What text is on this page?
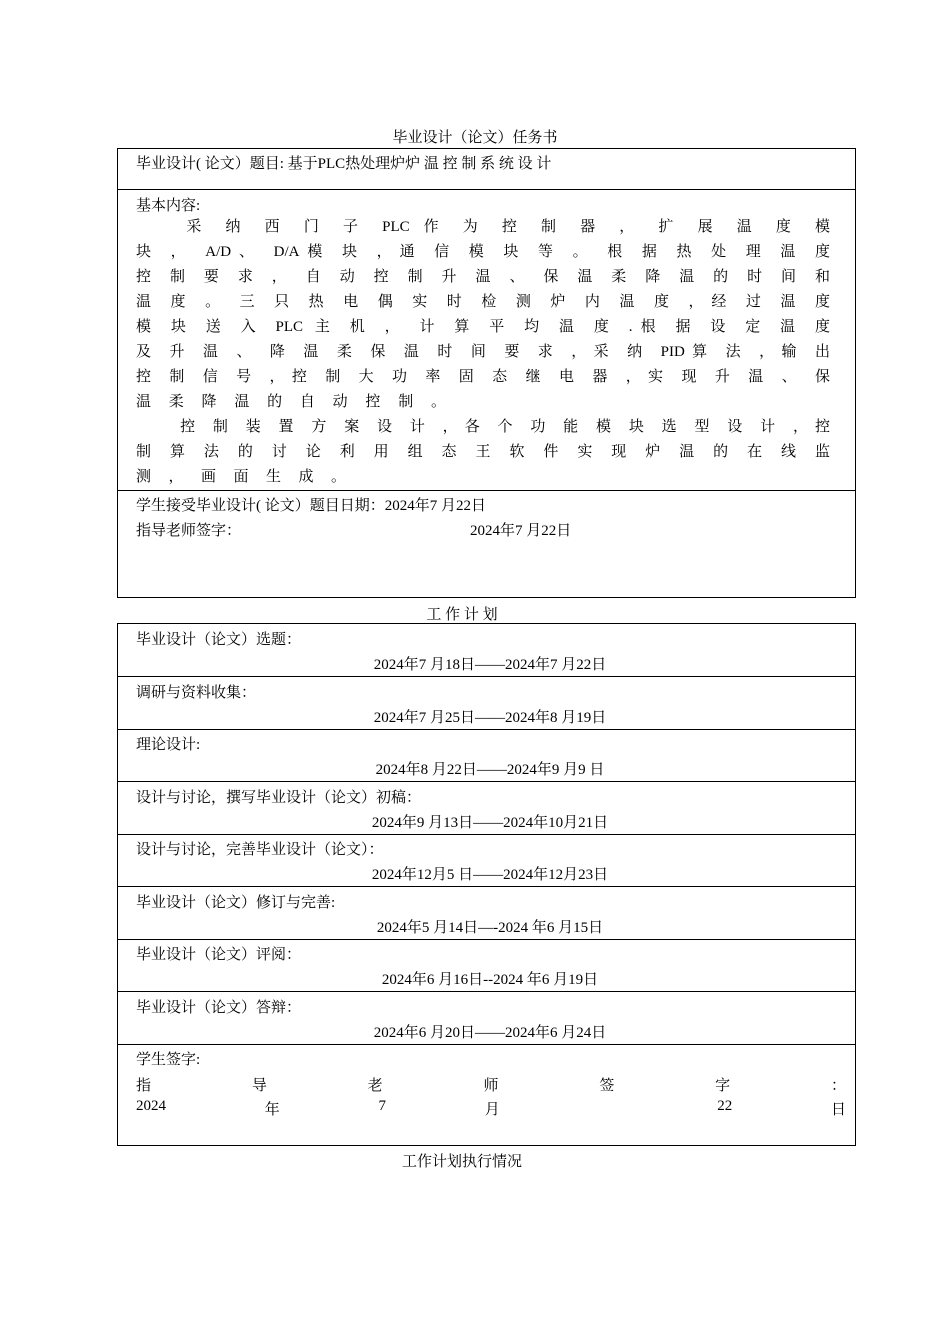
毕业设计（论文）任务书
毕业设计( 论文）题目: 基于PLC热处理炉炉 温 控 制 系 统 设 计
基本内容:
　　采 纳 西 门 子 PLC 作 为 控 制 器 ， 扩 展 温 度 模
块 ， A/D、 D/A模 块 ，通 信 模 块 等 。 根 据 热 处 理 温 度
控 制 要 求 ， 自 动 控 制 升 温 、 保 温 柔 降 温 的 时 间 和
温 度 。 三 只 热 电 偶 实 时 检 测 炉 内 温 度 ，经 过 温 度
模 块 送 入 PLC 主 机 ， 计 算 平 均 温 度 .根 据 设 定 温 度
及 升 温 、 降 温 柔 保 温 时 间 要 求 ，采 纳 PID算 法 ，输 出
控 制 信 号 ，控 制 大 功 率 固 态 继 电 器 ，实 现 升 温 、 保
温 柔 降 温 的 自 动 控 制 。
　　控 制 装 置 方 案 设 计 ，各 个 功 能 模 块 选 型 设 计 ，控
制 算 法 的 讨 论 利 用 组 态 王 软 件 实 现 炉 温 的 在 线 监
测 ， 画 面 生 成 。
学生接受毕业设计( 论文）题目日期：2024年7 月22日
指导老师签字：	2024年7 月22日
工 作 计 划
毕业设计（论文）选题：
2024年7 月18日——2024年7 月22日
调研与资料收集：
2024年7 月25日——2024年8 月19日
理论设计:
2024年8 月22日——2024年9 月9 日
设计与讨论，撰写毕业设计（论文）初稿：
2024年9 月13日——2024年10月21日
设计与讨论，完善毕业设计（论文）：
2024年12月5 日——2024年12月23日
毕业设计（论文）修订与完善:
2024年5 月14日—-2024 年6 月15日
毕业设计（论文）评阅：
2024年6 月16日--2024 年6 月19日
毕业设计（论文）答辩：
2024年6 月20日——2024年6 月24日
学生签字:
指	导	老	师	签	字	：
2024	年	7	月	22	日
工作计划执行情况
